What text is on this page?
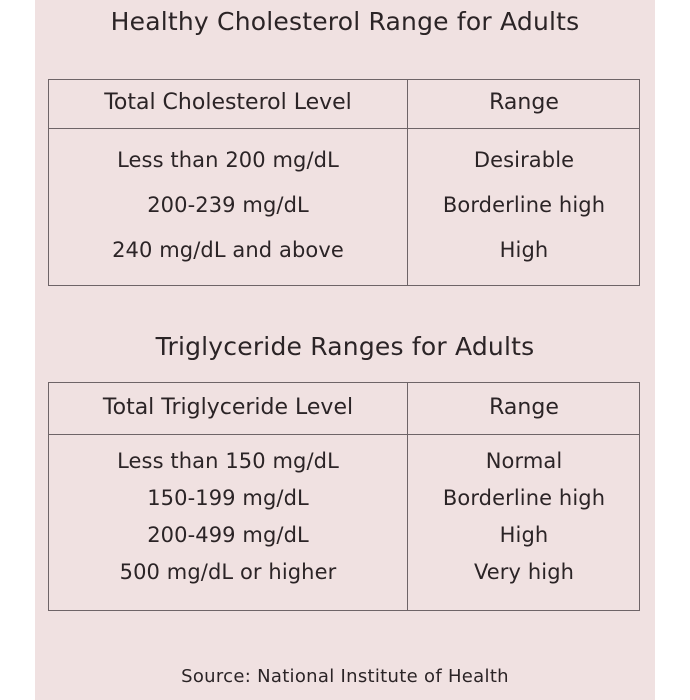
Healthy Cholesterol Range for Adults
Total Cholesterol Level	Range
Less than 200 mg/dL	Desirable
200-239 mg/dL	Borderline high
240 mg/dL and above	High
Triglyceride Ranges for Adults
Total Triglyceride Level	Range
Less than 150 mg/dL	Normal
150-199 mg/dL	Borderline high
200-499 mg/dL	High
500 mg/dL or higher	Very high
Source: National Institute of Health
